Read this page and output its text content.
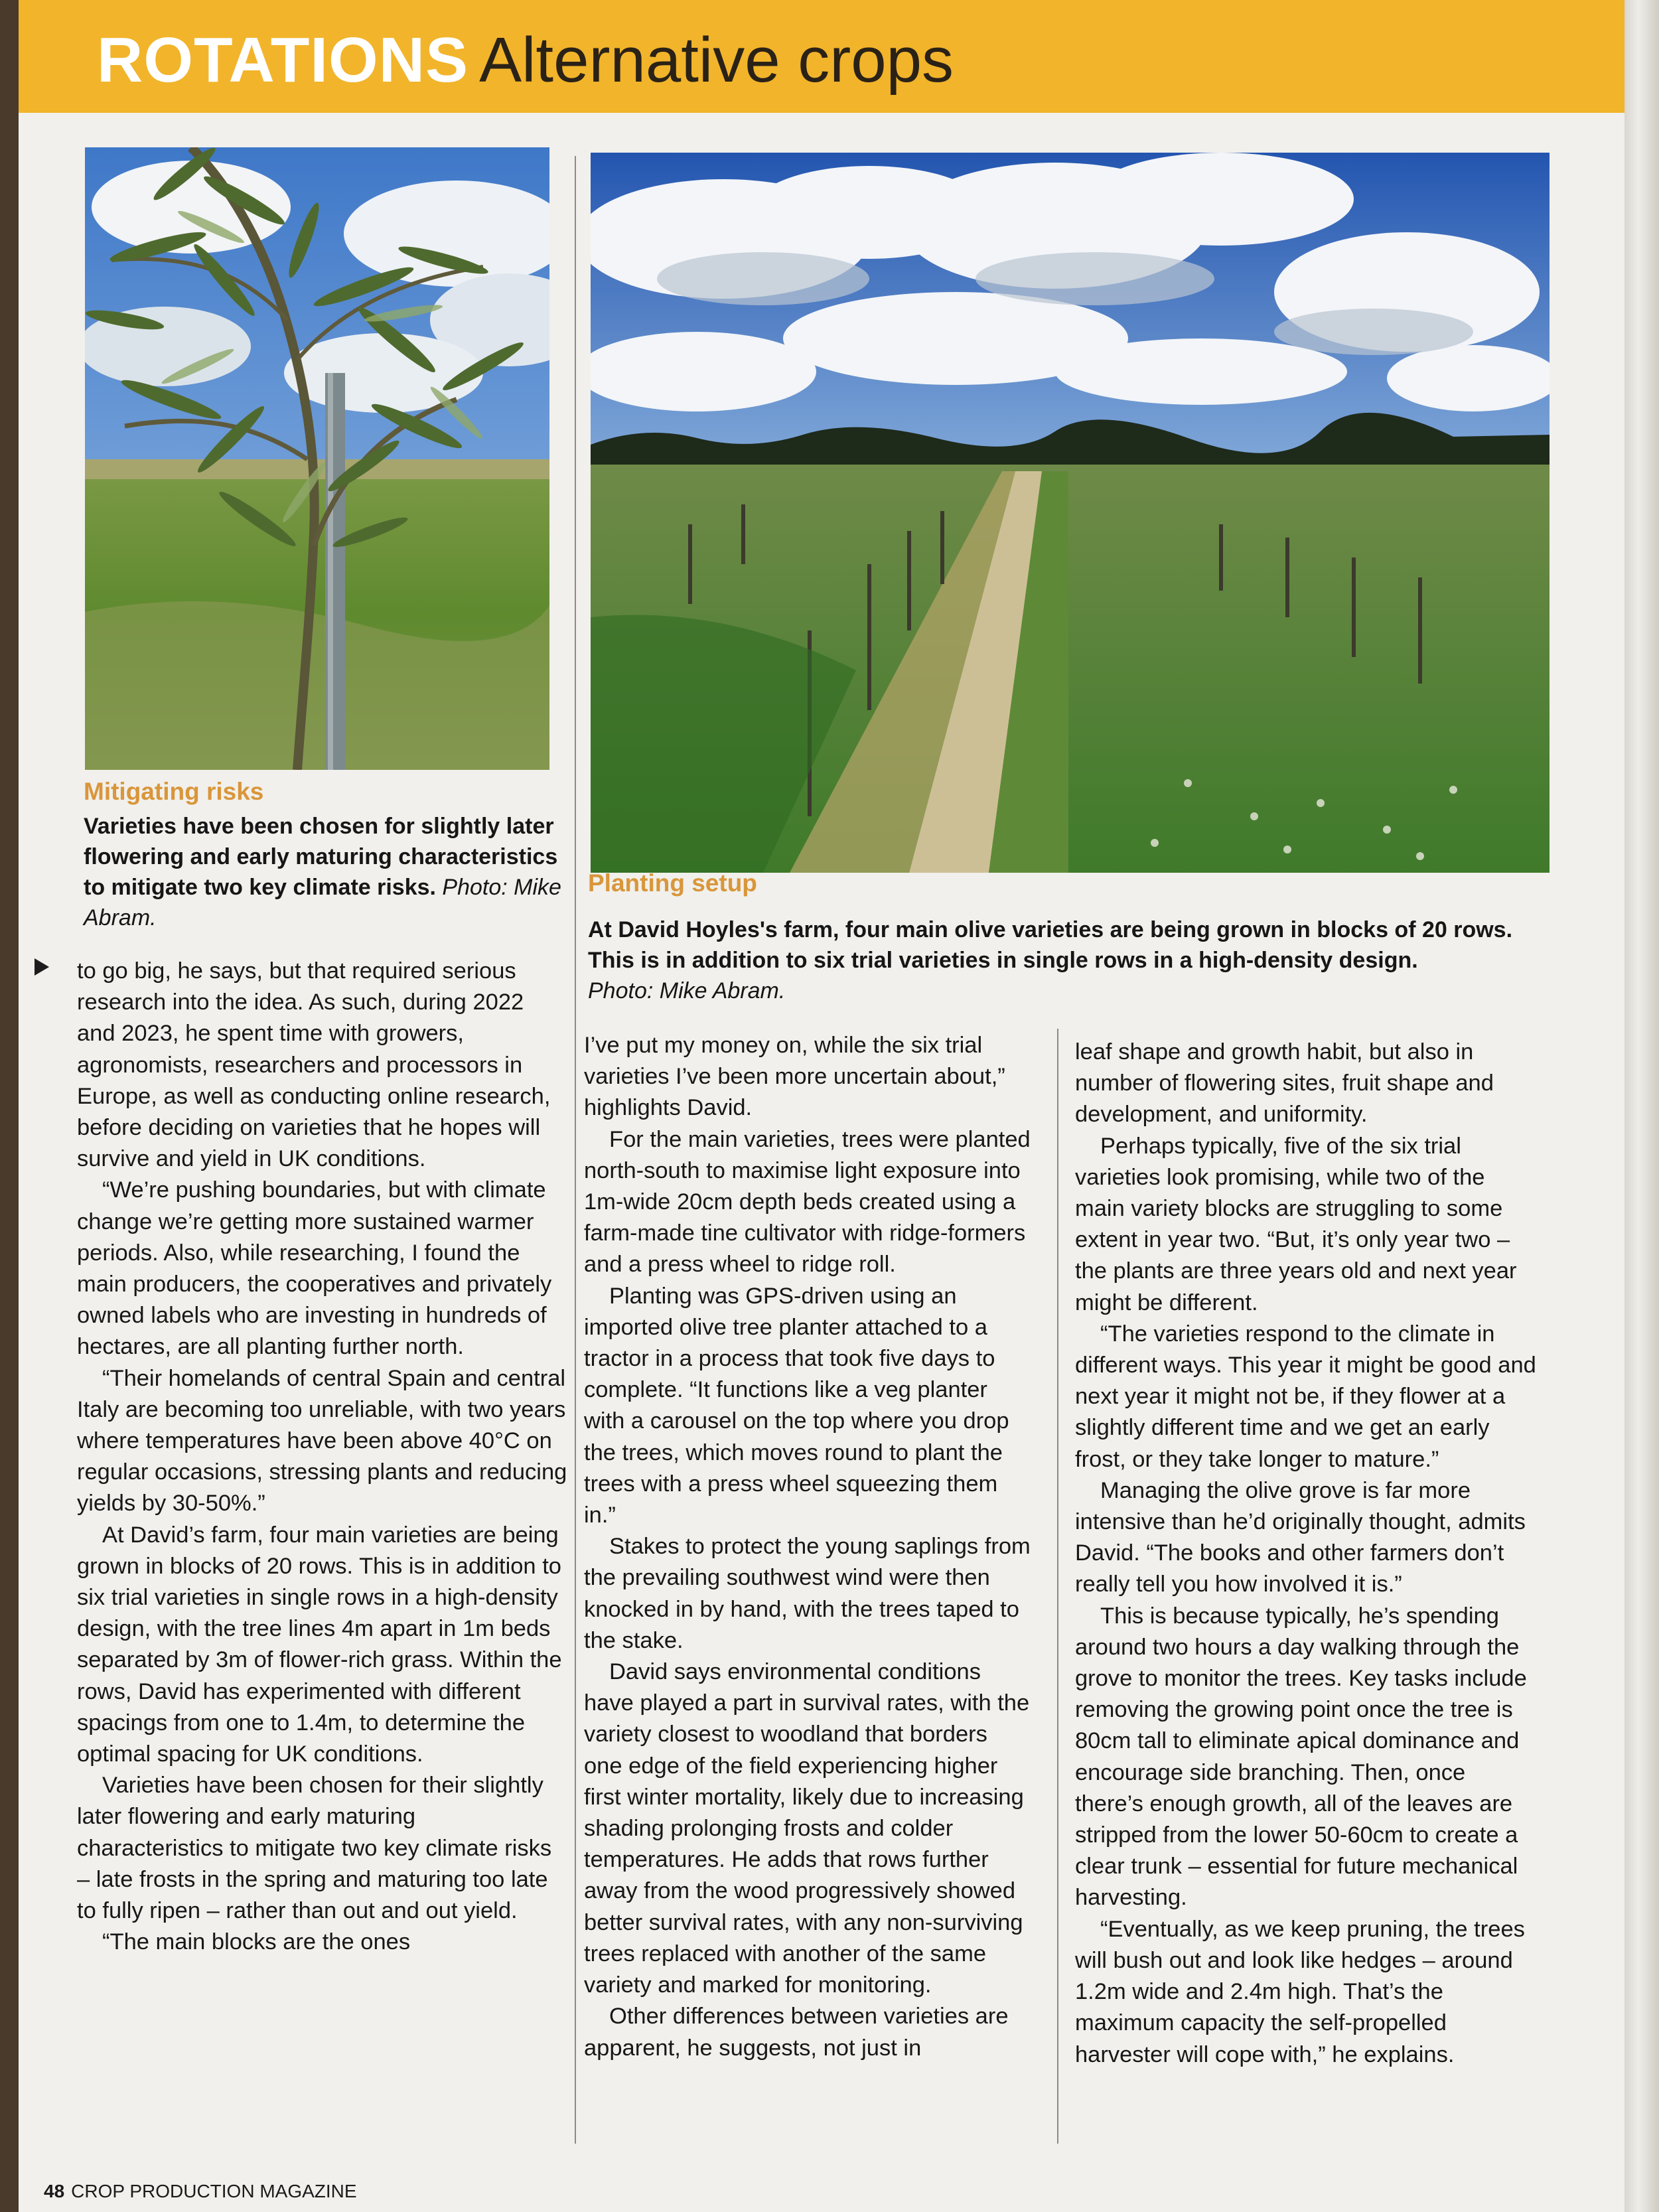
ROTATIONS Alternative crops
Mitigating risks
Varieties have been chosen for slightly later flowering and early maturing characteristics to mitigate two key climate risks. Photo: Mike Abram.
Planting setup
At David Hoyles's farm, four main olive varieties are being grown in blocks of 20 rows. This is in addition to six trial varieties in single rows in a high-density design.
Photo: Mike Abram.

to go big, he says, but that required serious research into the idea. As such, during 2022 and 2023, he spent time with growers, agronomists, researchers and processors in Europe, as well as conducting online research, before deciding on varieties that he hopes will survive and yield in UK conditions.

“We’re pushing boundaries, but with climate change we’re getting more sustained warmer periods. Also, while researching, I found the main producers, the cooperatives and privately owned labels who are investing in hundreds of hectares, are all planting further north.

“Their homelands of central Spain and central Italy are becoming too unreliable, with two years where temperatures have been above 40°C on regular occasions, stressing plants and reducing yields by 30-50%.”

At David’s farm, four main varieties are being grown in blocks of 20 rows. This is in addition to six trial varieties in single rows in a high-density design, with the tree lines 4m apart in 1m beds separated by 3m of flower-rich grass. Within the rows, David has experimented with different spacings from one to 1.4m, to determine the optimal spacing for UK conditions.

Varieties have been chosen for their slightly later flowering and early maturing characteristics to mitigate two key climate risks – late frosts in the spring and maturing too late to fully ripen – rather than out and out yield.

“The main blocks are the ones

I’ve put my money on, while the six trial varieties I’ve been more uncertain about,” highlights David.

For the main varieties, trees were planted north-south to maximise light exposure into 1m-wide 20cm depth beds created using a farm-made tine cultivator with ridge-formers and a press wheel to ridge roll.

Planting was GPS-driven using an imported olive tree planter attached to a tractor in a process that took five days to complete. “It functions like a veg planter with a carousel on the top where you drop the trees, which moves round to plant the trees with a press wheel squeezing them in.”

Stakes to protect the young saplings from the prevailing southwest wind were then knocked in by hand, with the trees taped to the stake.

David says environmental conditions have played a part in survival rates, with the variety closest to woodland that borders one edge of the field experiencing higher first winter mortality, likely due to increasing shading prolonging frosts and colder temperatures. He adds that rows further away from the wood progressively showed better survival rates, with any non-surviving trees replaced with another of the same variety and marked for monitoring.

Other differences between varieties are apparent, he suggests, not just in

leaf shape and growth habit, but also in number of flowering sites, fruit shape and development, and uniformity.

Perhaps typically, five of the six trial varieties look promising, while two of the main variety blocks are struggling to some extent in year two. “But, it’s only year two – the plants are three years old and next year might be different.

“The varieties respond to the climate in different ways. This year it might be good and next year it might not be, if they flower at a slightly different time and we get an early frost, or they take longer to mature.”

Managing the olive grove is far more intensive than he’d originally thought, admits David. “The books and other farmers don’t really tell you how involved it is.”

This is because typically, he’s spending around two hours a day walking through the grove to monitor the trees. Key tasks include removing the growing point once the tree is 80cm tall to eliminate apical dominance and encourage side branching. Then, once there’s enough growth, all of the leaves are stripped from the lower 50-60cm to create a clear trunk – essential for future mechanical harvesting.

“Eventually, as we keep pruning, the trees will bush out and look like hedges – around 1.2m wide and 2.4m high. That’s the maximum capacity the self-propelled harvester will cope with,” he explains.

48 CROP PRODUCTION MAGAZINE
